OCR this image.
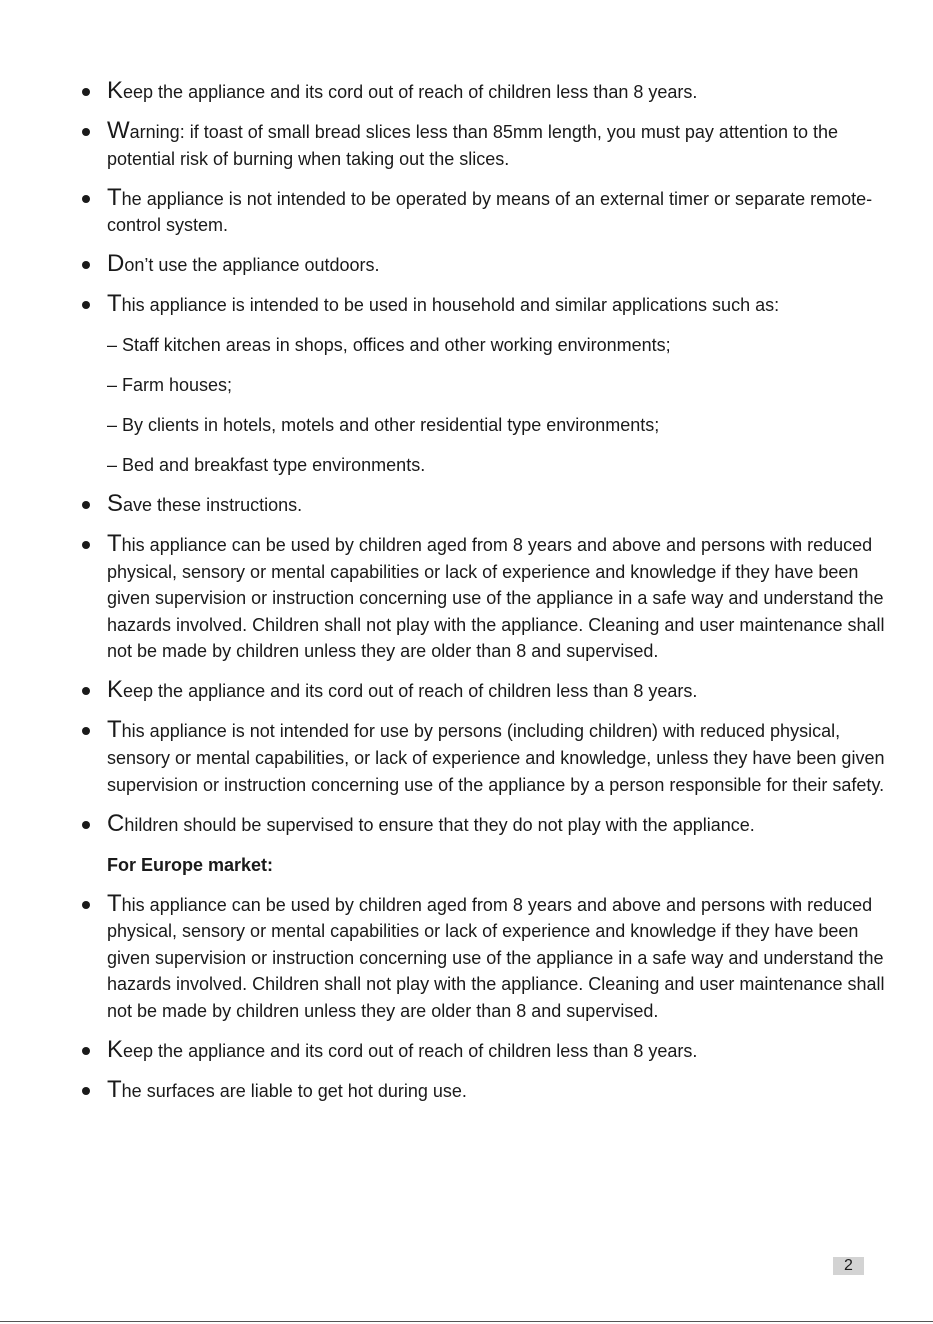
Keep the appliance and its cord out of reach of children less than 8 years.
Warning: if toast of small bread slices less than 85mm length, you must pay attention to the potential risk of burning when taking out the slices.
The appliance is not intended to be operated by means of an external timer or separate remote-control system.
Don’t use the appliance outdoors.
This appliance is intended to be used in household and similar applications such as:
– Staff kitchen areas in shops, offices and other working environments;
– Farm houses;
– By clients in hotels, motels and other residential type environments;
– Bed and breakfast type environments.
Save these instructions.
This appliance can be used by children aged from 8 years and above and persons with reduced physical, sensory or mental capabilities or lack of experience and knowledge if they have been given supervision or instruction concerning use of the appliance in a safe way and understand the hazards involved. Children shall not play with the appliance. Cleaning and user maintenance shall not be made by children unless they are older than 8 and supervised.
Keep the appliance and its cord out of reach of children less than 8 years.
This appliance is not intended for use by persons (including children) with reduced physical, sensory or mental capabilities, or lack of experience and knowledge, unless they have been given supervision or instruction concerning use of the appliance by a person responsible for their safety.
Children should be supervised to ensure that they do not play with the appliance.
For Europe market:
This appliance can be used by children aged from 8 years and above and persons with reduced physical, sensory or mental capabilities or lack of experience and knowledge if they have been given supervision or instruction concerning use of the appliance in a safe way and understand the hazards involved. Children shall not play with the appliance. Cleaning and user maintenance shall not be made by children unless they are older than 8 and supervised.
Keep the appliance and its cord out of reach of children less than 8 years.
The surfaces are liable to get hot during use.
2
